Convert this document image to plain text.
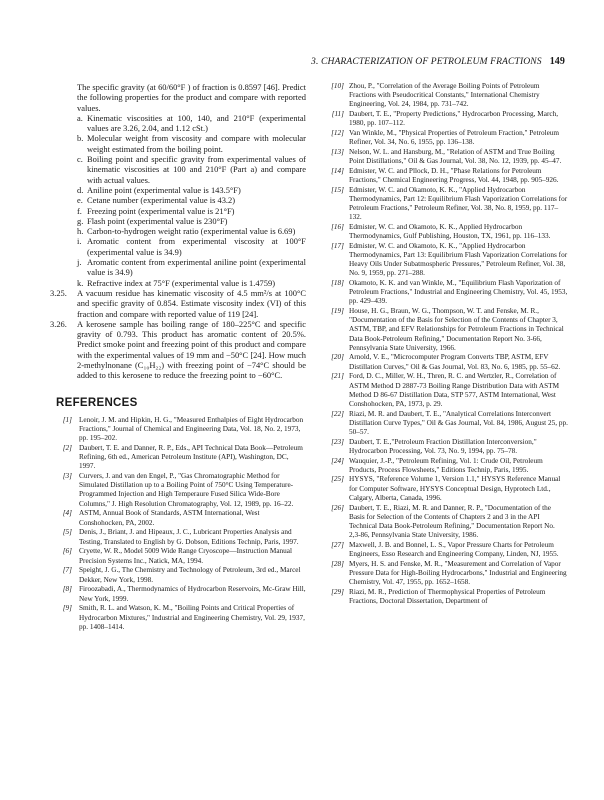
3. CHARACTERIZATION OF PETROLEUM FRACTIONS 149
The specific gravity (at 60/60°F ) of fraction is 0.8597 [46]. Predict the following properties for the product and compare with reported values.
a. Kinematic viscosities at 100, 140, and 210°F (experimental values are 3.26, 2.04, and 1.12 cSt.)
b. Molecular weight from viscosity and compare with molecular weight estimated from the boiling point.
c. Boiling point and specific gravity from experimental values of kinematic viscosities at 100 and 210°F (Part a) and compare with actual values.
d. Aniline point (experimental value is 143.5°F)
e. Cetane number (experimental value is 43.2)
f. Freezing point (experimental value is 21°F)
g. Flash point (experimental value is 230°F)
h. Carbon-to-hydrogen weight ratio (experimental value is 6.69)
i. Aromatic content from experimental viscosity at 100°F (experimental value is 34.9)
j. Aromatic content from experimental aniline point (experimental value is 34.9)
k. Refractive index at 75°F (experimental value is 1.4759)
3.25. A vacuum residue has kinematic viscosity of 4.5 mm²/s at 100°C and specific gravity of 0.854. Estimate viscosity index (VI) of this fraction and compare with reported value of 119 [24].
3.26. A kerosene sample has boiling range of 180–225°C and specific gravity of 0.793. This product has aromatic content of 20.5%. Predict smoke point and freezing point of this product and compare with the experimental values of 19 mm and −50°C [24]. How much 2-methylnonane (C₁₀H₂₂) with freezing point of −74°C should be added to this kerosene to reduce the freezing point to −60°C.
REFERENCES
[1] Lenoir, J. M. and Hipkin, H. G., "Measured Enthalpies of Eight Hydrocarbon Fractions," Journal of Chemical and Engineering Data, Vol. 18, No. 2, 1973, pp. 195–202.
[2] Daubert, T. E. and Danner, R. P., Eds., API Technical Data Book—Petroleum Refining, 6th ed., American Petroleum Institute (API), Washington, DC, 1997.
[3] Curvers, J. and van den Engel, P., "Gas Chromatographic Method for Simulated Distillation up to a Boiling Point of 750°C Using Temperature-Programmed Injection and High Temperaure Fused Silica Wide-Bore Columns," J. High Resolution Chromatography, Vol. 12, 1989, pp. 16–22.
[4] ASTM, Annual Book of Standards, ASTM International, West Conshohocken, PA, 2002.
[5] Denis, J., Briant, J. and Hipeaux, J. C., Lubricant Properties Analysis and Testing, Translated to English by G. Dobson, Editions Technip, Paris, 1997.
[6] Cryette, W. R., Model 5009 Wide Range Cryoscope—Instruction Manual Precision Systems Inc., Natick, MA, 1994.
[7] Speight, J. G., The Chemistry and Technology of Petroleum, 3rd ed., Marcel Dekker, New York, 1998.
[8] Firoozabadi, A., Thermodynamics of Hydrocarbon Reservoirs, Mc-Graw Hill, New York, 1999.
[9] Smith, R. L. and Watson, K. M., "Boiling Points and Critical Properties of Hydrocarbon Mixtures," Industrial and Engineering Chemistry, Vol. 29, 1937, pp. 1408–1414.
[10] Zhou, P., "Correlation of the Average Boiling Points of Petroleum Fractions with Pseudocritical Constants," International Chemistry Engineering, Vol. 24, 1984, pp. 731–742.
[11] Daubert, T. E., "Property Predictions," Hydrocarbon Processing, March, 1980, pp. 107–112.
[12] Van Winkle, M., "Physical Properties of Petroleum Fraction," Petroleum Refiner, Vol. 34, No. 6, 1955, pp. 136–138.
[13] Nelson, W. L. and Hansburg, M., "Relation of ASTM and True Boiling Point Distillations," Oil & Gas Journal, Vol. 38, No. 12, 1939, pp. 45–47.
[14] Edmister, W. C. and Pllock, D. H., "Phase Relations for Petroleum Fractions," Chemical Engineering Progress, Vol. 44, 1948, pp. 905–926.
[15] Edmister, W. C. and Okamoto, K. K., "Applied Hydrocarbon Thermodynamics, Part 12: Equilibrium Flash Vaporization Correlations for Petroleum Fractions," Petroleum Refiner, Vol. 38, No. 8, 1959, pp. 117–132.
[16] Edmister, W. C. and Okamoto, K. K., Applied Hydrocarbon Thermodynamics, Gulf Publishing, Houston, TX, 1961, pp. 116–133.
[17] Edmister, W. C. and Okamoto, K. K., "Applied Hydrocarbon Thermodynamics, Part 13: Equilibrium Flash Vaporization Correlations for Heavy Oils Under Subatmospheric Pressures," Petroleum Refiner, Vol. 38, No. 9, 1959, pp. 271–288.
[18] Okamoto, K. K. and van Winkle, M., "Equilibrium Flash Vaporization of Petroleum Fractions," Industrial and Engineering Chemistry, Vol. 45, 1953, pp. 429–439.
[19] House, H. G., Braun, W. G., Thompson, W. T. and Fenske, M. R., "Documentation of the Basis for Selection of the Contents of Chapter 3, ASTM, TBP, and EFV Relationships for Petroleum Fractions in Technical Data Book-Petroleum Refining," Documentation Report No. 3-66, Pennsylvania State University, 1966.
[20] Arnold, V. E., "Microcomputer Program Converts TBP, ASTM, EFV Distillation Curves," Oil & Gas Journal, Vol. 83, No. 6, 1985, pp. 55–62.
[21] Ford, D. C., Miller, W. H., Thren, R. C. and Wertzler, R., Correlation of ASTM Method D 2887-73 Boiling Range Distribution Data with ASTM Method D 86-67 Distillation Data, STP 577, ASTM International, West Conshohocken, PA, 1973, p. 29.
[22] Riazi, M. R. and Daubert, T. E., "Analytical Correlations Interconvert Distillation Curve Types," Oil & Gas Journal, Vol. 84, 1986, August 25, pp. 50–57.
[23] Daubert, T. E.,"Petroleum Fraction Distillation Interconversion," Hydrocarbon Processing, Vol. 73, No. 9, 1994, pp. 75–78.
[24] Wauquier, J.-P., "Petroleum Refining, Vol. 1: Crude Oil, Petroleum Products, Process Flowsheets," Editions Technip, Paris, 1995.
[25] HYSYS, "Reference Volume 1, Version 1.1," HYSYS Reference Manual for Computer Software, HYSYS Conceptual Design, Hyprotech Ltd., Calgary, Alberta, Canada, 1996.
[26] Daubert, T. E., Riazi, M. R. and Danner, R. P., "Documentation of the Basis for Selection of the Contents of Chapters 2 and 3 in the API Technical Data Book-Petroleum Refining," Documentation Report No. 2,3-86, Pennsylvania State University, 1986.
[27] Maxwell, J. B. and Bonnel, L. S., Vapor Pressure Charts for Petroleum Engineers, Esso Research and Engineering Company, Linden, NJ, 1955.
[28] Myers, H. S. and Fenske, M. R., "Measurement and Correlation of Vapor Pressure Data for High-Boiling Hydrocarbons," Industrial and Engineering Chemistry, Vol. 47, 1955, pp. 1652–1658.
[29] Riazi, M. R., Prediction of Thermophysical Properties of Petroleum Fractions, Doctoral Dissertation, Department of
